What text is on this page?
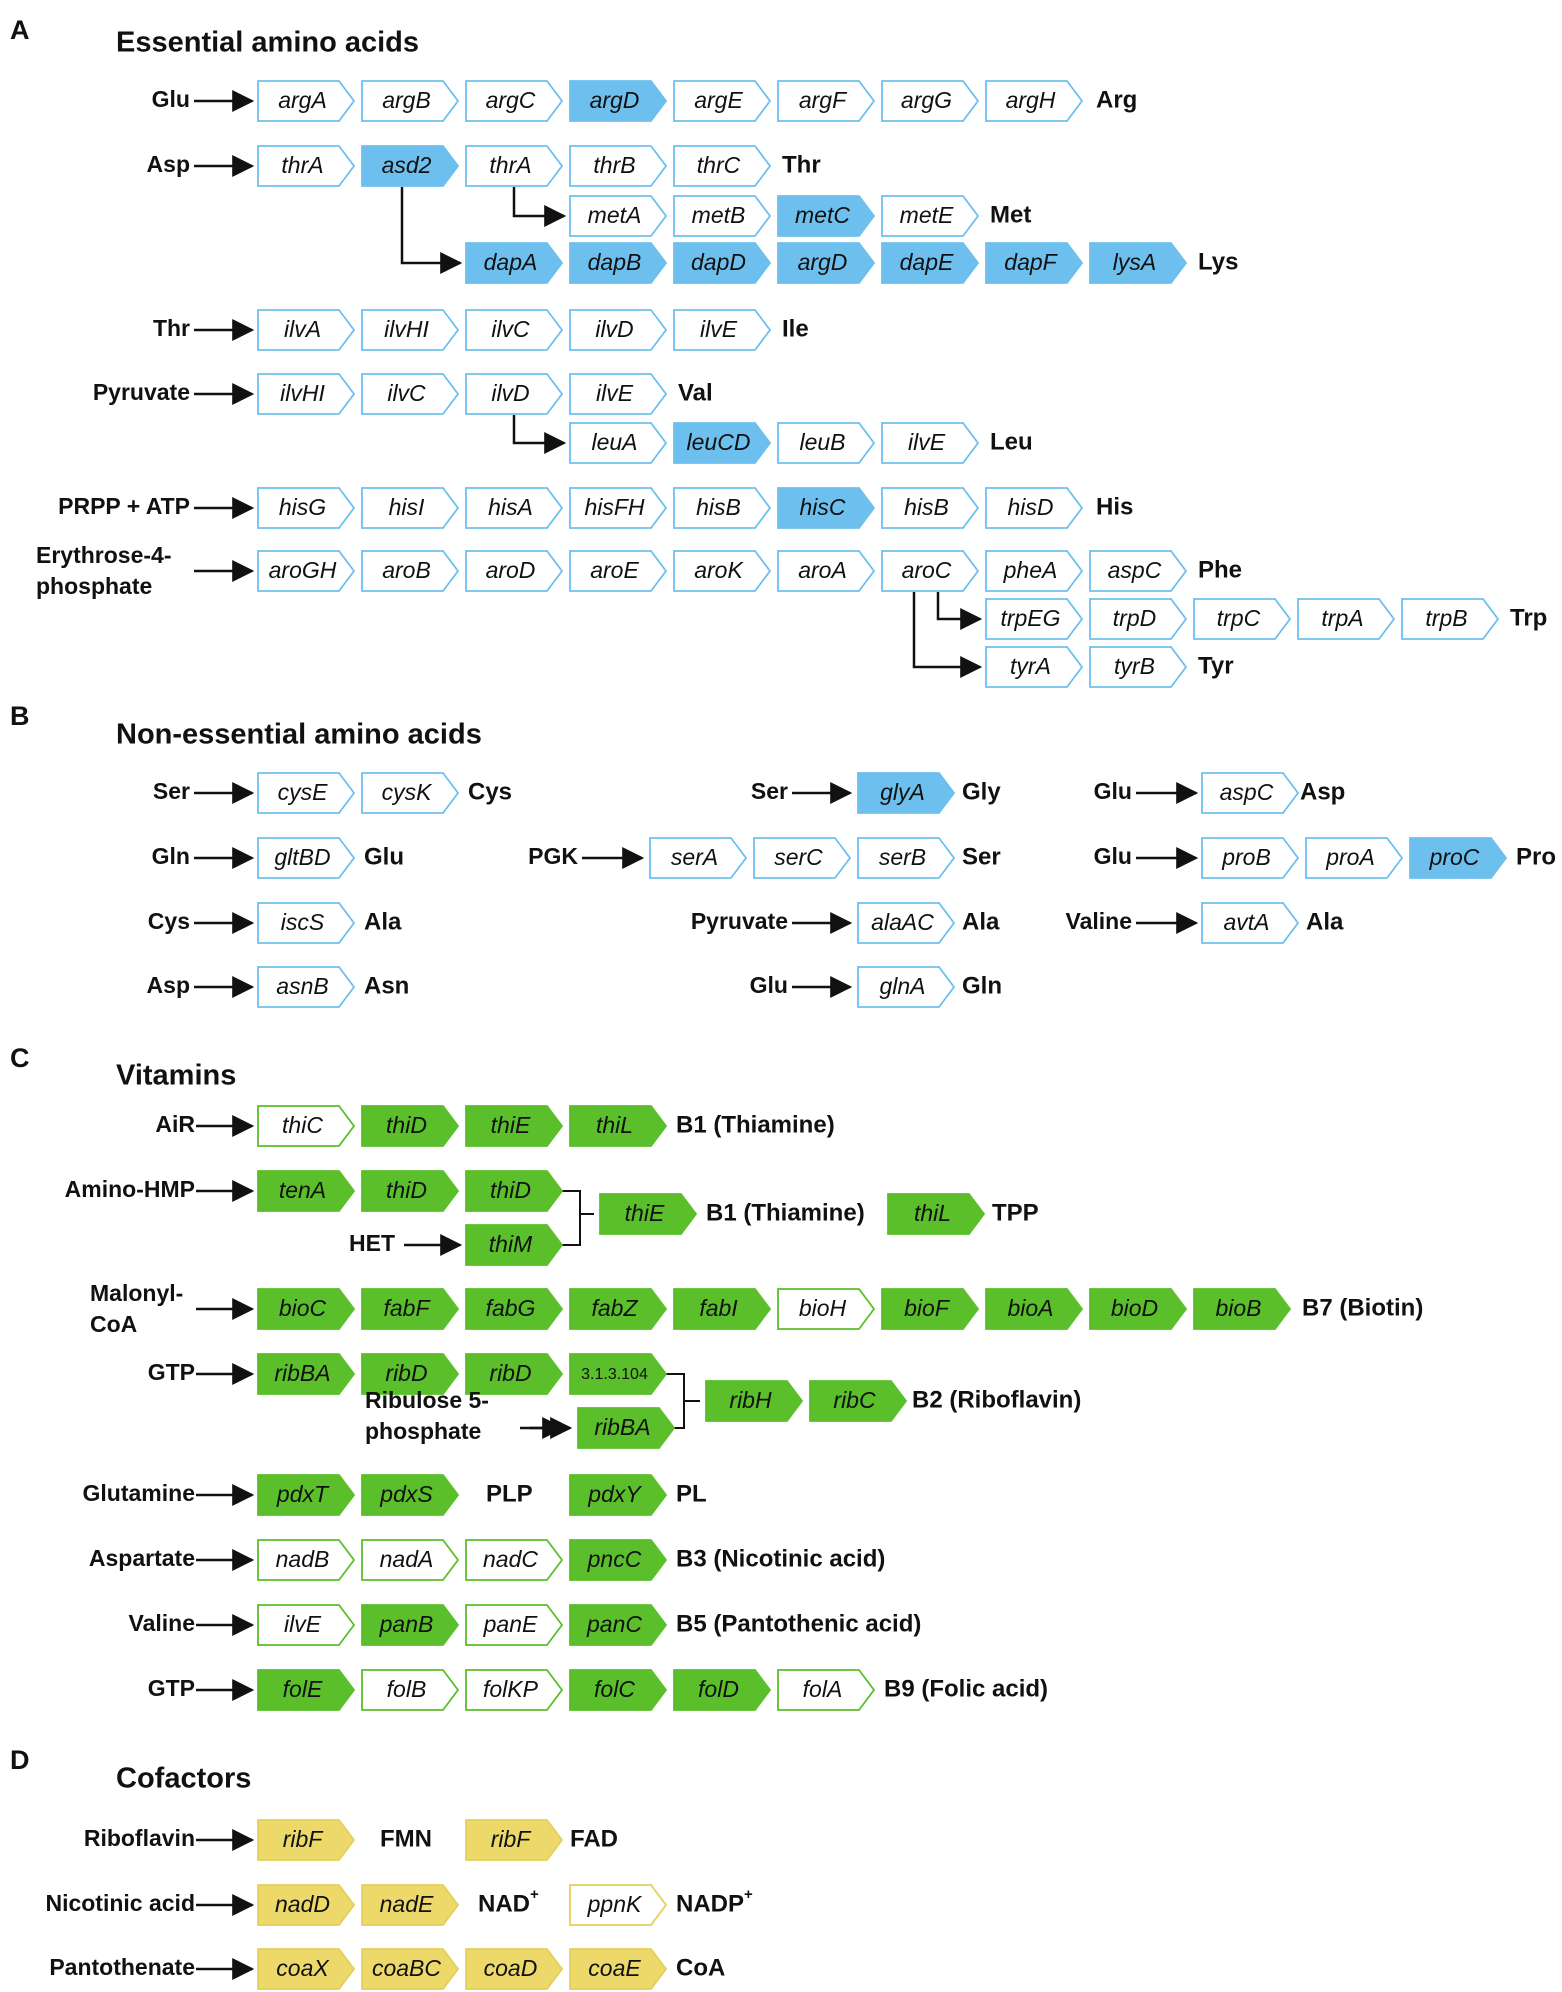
A	Essential amino acids
B
Non-essential amino acids
C
Vitamins
D
Cofactors
Glu	argA argB argC argD argE argF argG argH Arg
Asp	thrA	asd2	thrA	thrB	thrC Thr
metA metB metC metE Met
dapA dapB dapD argD dapE dapF lysA Lys
Thr	ilvA	ilvHI	ilvC	ilvD	ilvE Ile
Pyruvate	ilvHI	ilvC	ilvD	ilvE Val
leuA leuCD leuB	ilvE Leu
PRPP + ATP	hisG	hisI	hisA hisFH hisB	hisC	hisB	hisD His
Erythrose-4-
phosphate
aroGH aroB aroD aroE aroK aroA aroC pheA aspC Phe
trpEG trpD	trpC	trpA	trpB Trp
tyrA	tyrB Tyr
Ser	cysE cysK Cys
Gln	gltBD Glu
Cys	iscS Ala
Asp	asnB Asn
Ser	glyA Gly
PGK	serA serC serB Ser
Pyruvate	alaAC Ala
Glu	glnA Gln
Glu	aspC Asp
Glu	proB proA proC Pro
Valine	avtA Ala
AiR	thiC	thiD	thiE	thiL B1 (Thiamine)
Amino-HMP	tenA	thiD	thiD
thiE B1 (Thiamine) thiL TPP
HET	thiM
Malonyl-
CoA
bioC fabF fabG fabZ	fabI	bioH	bioF	bioA bioD bioB B7 (Biotin)
GTP	ribBA ribD	ribD	3.1.3.104
ribH	ribC B2 (Riboflavin)
Ribulose 5-
phosphate	ribBA
Glutamine	pdxT pdxS PLP pdxY PL
Aspartate	nadB nadA nadC pncC B3 (Nicotinic acid)
Valine	ilvE	panB panE panC B5 (Pantothenic acid)
GTP	folE	folB folKP folC	folD	folA B9 (Folic acid)
Riboflavin	ribF FMN	ribF FAD
Nicotinic acid	nadD nadE NAD+ ppnK NADP+
Pantothenate	coaX coaBC coaD coaE CoA
